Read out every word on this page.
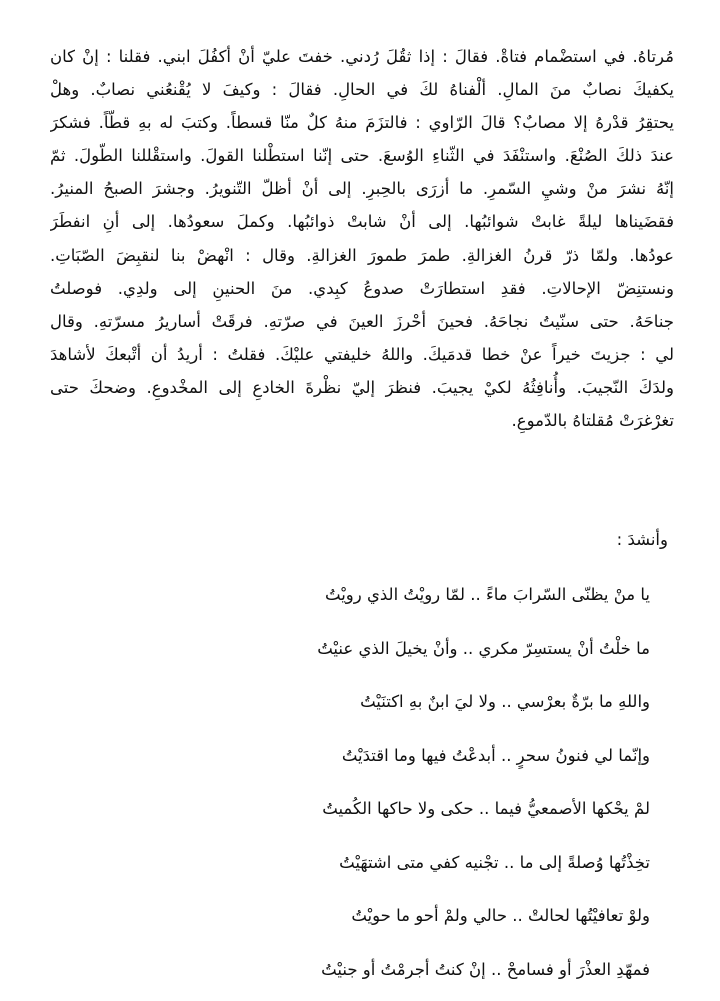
مُرتاهُ. في استضْمام فتاةْ. فقالَ : إذا ثقُلَ رُدني. خفتَ عليّ أنْ أكفُلَ ابني. فقلنا : إنْ كان
يكفيكَ نصابٌ منَ المالِ. ألْفناهُ لكَ في الحالِ. فقالَ : وكيفَ لا يُقْنعُني نصابٌ. وهلْ
يحتقِرُ قدْرهُ إلا مصابٌ؟ قالَ الرّاوي : فالتزَمَ منهُ كلٌ منّا قسطاً. وكتبَ له بهِ قطّاً. فشكرَ
عندَ ذلكَ الصُنْعَ. واستنْفَدَ في الثّناءِ الوُسعَ. حتى إنّنا استطْلنا القولَ. واستقْللنا الطّولَ. ثمّ
إنّهُ نشرَ منْ وشيِ السّمرِ. ما أزرَى بالحِبرِ. إلى أنْ أظلّ التّنويرُ. وجشرَ الصبحُ المنيرُ.
فقضَيناها ليلةً غابتْ شوائبُها. إلى أنْ شابتْ ذوائبُها. وكملَ سعودُها. إلى أنِ انفطَرَ
عودُها. ولمّا ذرّ قرنُ الغزالةِ. طمرَ طمورَ الغزالةِ. وقال : انْهضْ بنا لنقبِضَ الصّبَاتِ.
ونستنِضّ الإحالاتِ. فقدِ استطارَتْ صدوعُ كبِدي. منَ الحنينِ إلى ولدِي. فوصلتُ
جناحَهُ. حتى سنّيتُ نجاحَهُ. فحينَ أحْرزَ العينَ في صرّتهِ. فرقَتْ أساريرُ مسرّتهِ. وقال
لي : جزيتَ خيراً عنْ خطا قدمَيكَ. واللهُ خليفتي عليْكَ. فقلتُ : أريدُ أن أتْبعكَ لأشاهدَ
ولدَكَ النّجيبَ. وأُنافِثُهُ لكيْ يجيبَ. فنظرَ إليّ نظْرةَ الخادعِ إلى المخْدوعِ. وضحكَ حتى
تغرْغرَتْ مُقلتاهُ بالدّموعِ.
وأنشدَ :
يا منْ يظنّى السّرابَ ماءً .. لمّا رويْتُ الذي رويْتُ
ما خلْتُ أنْ يستسِرّ مكري .. وأنْ يخيلَ الذي عنيْتُ
واللهِ ما برّةٌ بعرْسي .. ولا ليَ ابنٌ بهِ اكتنَيْتُ
وإنّما لي فنونُ سحرٍ .. أبدعْتُ فيها وما اقتدَيْتُ
لمْ يحْكها الأصمعيُّ فيما .. حكى ولا حاكها الكُميتُ
تخِذْتُها وُصلةً إلى ما .. تجْنيه كفي متى اشتهَيْتُ
ولوْ تعافيْتُها لحالتْ .. حالي ولمْ أحو ما حويْتُ
فمهّدِ العذْرَ أو فسامحْ .. إنْ كنتُ أجرمْتُ أو جنيْتُ
